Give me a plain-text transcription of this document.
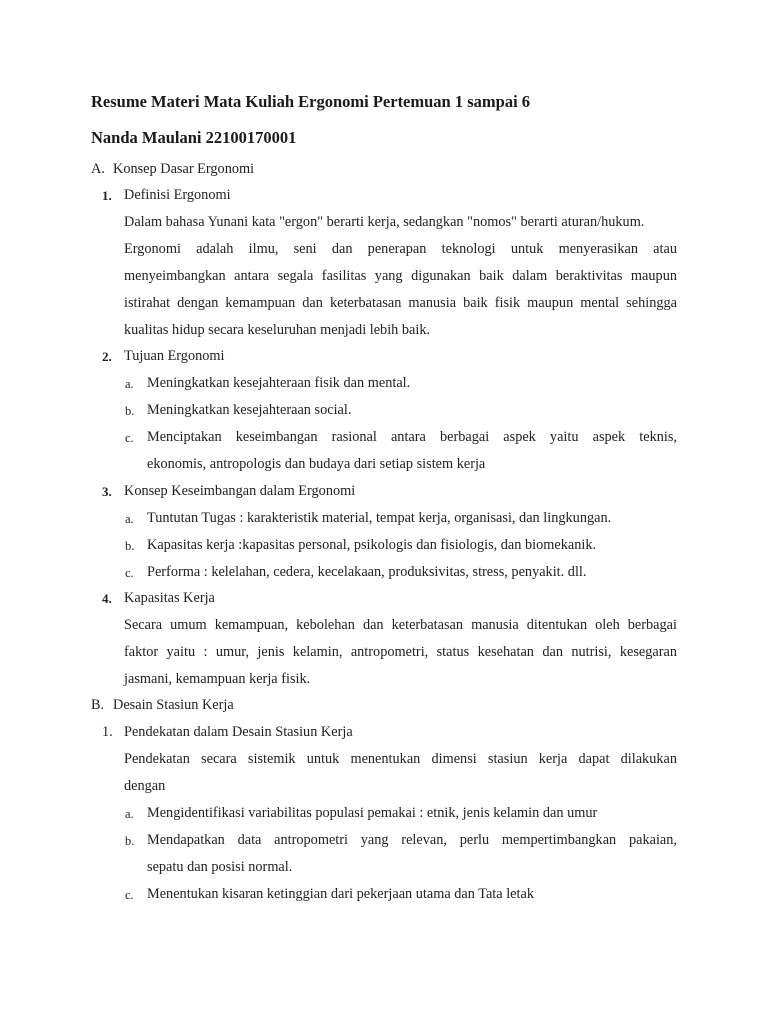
Resume Materi Mata Kuliah Ergonomi Pertemuan 1 sampai 6
Nanda Maulani 22100170001
A. Konsep Dasar Ergonomi
1. Definisi Ergonomi
Dalam bahasa Yunani kata "ergon" berarti kerja, sedangkan "nomos" berarti aturan/hukum.
Ergonomi adalah ilmu, seni dan penerapan teknologi untuk menyerasikan atau
menyeimbangkan antara segala fasilitas yang digunakan baik dalam beraktivitas maupun
istirahat dengan kemampuan dan keterbatasan manusia baik fisik maupun mental sehingga
kualitas hidup secara keseluruhan menjadi lebih baik.
2. Tujuan Ergonomi
a. Meningkatkan kesejahteraan fisik dan mental.
b. Meningkatkan kesejahteraan social.
c. Menciptakan keseimbangan rasional antara berbagai aspek yaitu aspek teknis,
ekonomis, antropologis dan budaya dari setiap sistem kerja
3. Konsep Keseimbangan dalam Ergonomi
a. Tuntutan Tugas : karakteristik material, tempat kerja, organisasi, dan lingkungan.
b. Kapasitas kerja :kapasitas personal, psikologis dan fisiologis, dan biomekanik.
c. Performa : kelelahan, cedera, kecelakaan, produksivitas, stress, penyakit. dll.
4. Kapasitas Kerja
Secara umum kemampuan, kebolehan dan keterbatasan manusia ditentukan oleh berbagai
faktor yaitu : umur, jenis kelamin, antropometri, status kesehatan dan nutrisi, kesegaran
jasmani, kemampuan kerja fisik.
B. Desain Stasiun Kerja
1. Pendekatan dalam Desain Stasiun Kerja
Pendekatan secara sistemik untuk menentukan dimensi stasiun kerja dapat dilakukan
dengan
a. Mengidentifikasi variabilitas populasi pemakai : etnik, jenis kelamin dan umur
b. Mendapatkan data antropometri yang relevan, perlu mempertimbangkan pakaian,
sepatu dan posisi normal.
c. Menentukan kisaran ketinggian dari pekerjaan utama dan Tata letak
